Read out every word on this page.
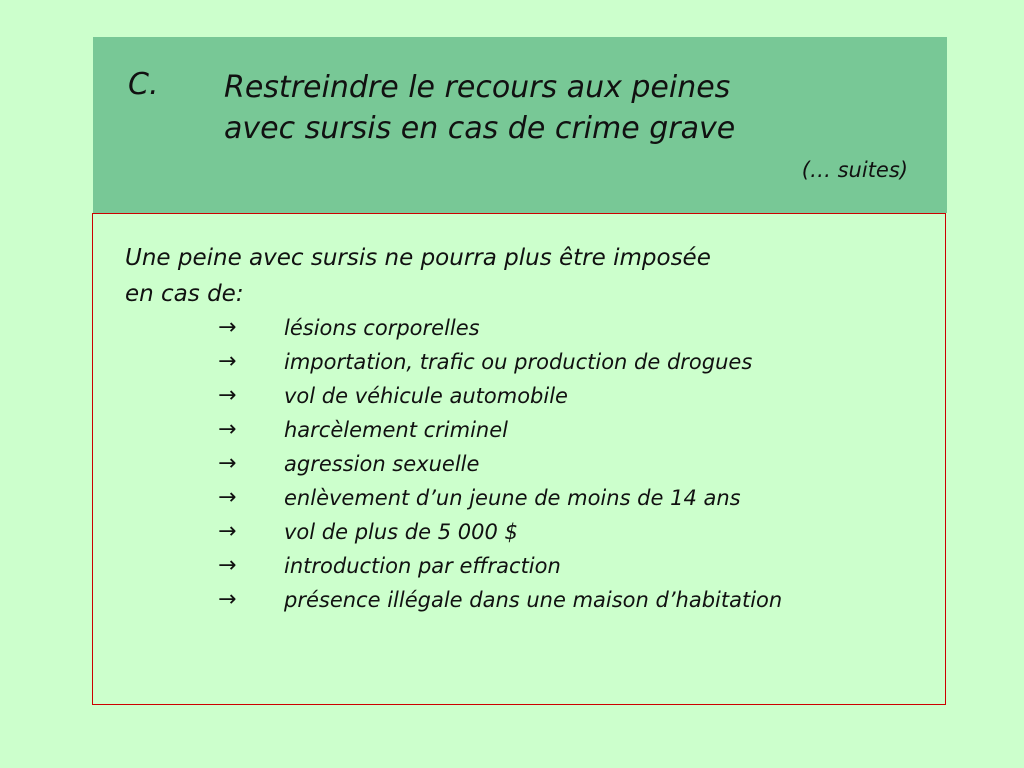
C. Restreindre le recours aux peines
avec sursis en cas de crime grave
(… suites)
Une peine avec sursis ne pourra plus être imposée
en cas de:
→ lésions corporelles
→ importation, trafic ou production de drogues
→ vol de véhicule automobile
→ harcèlement criminel
→ agression sexuelle
→ enlèvement d’un jeune de moins de 14 ans
→ vol de plus de 5 000 $
→ introduction par effraction
→ présence illégale dans une maison d’habitation
